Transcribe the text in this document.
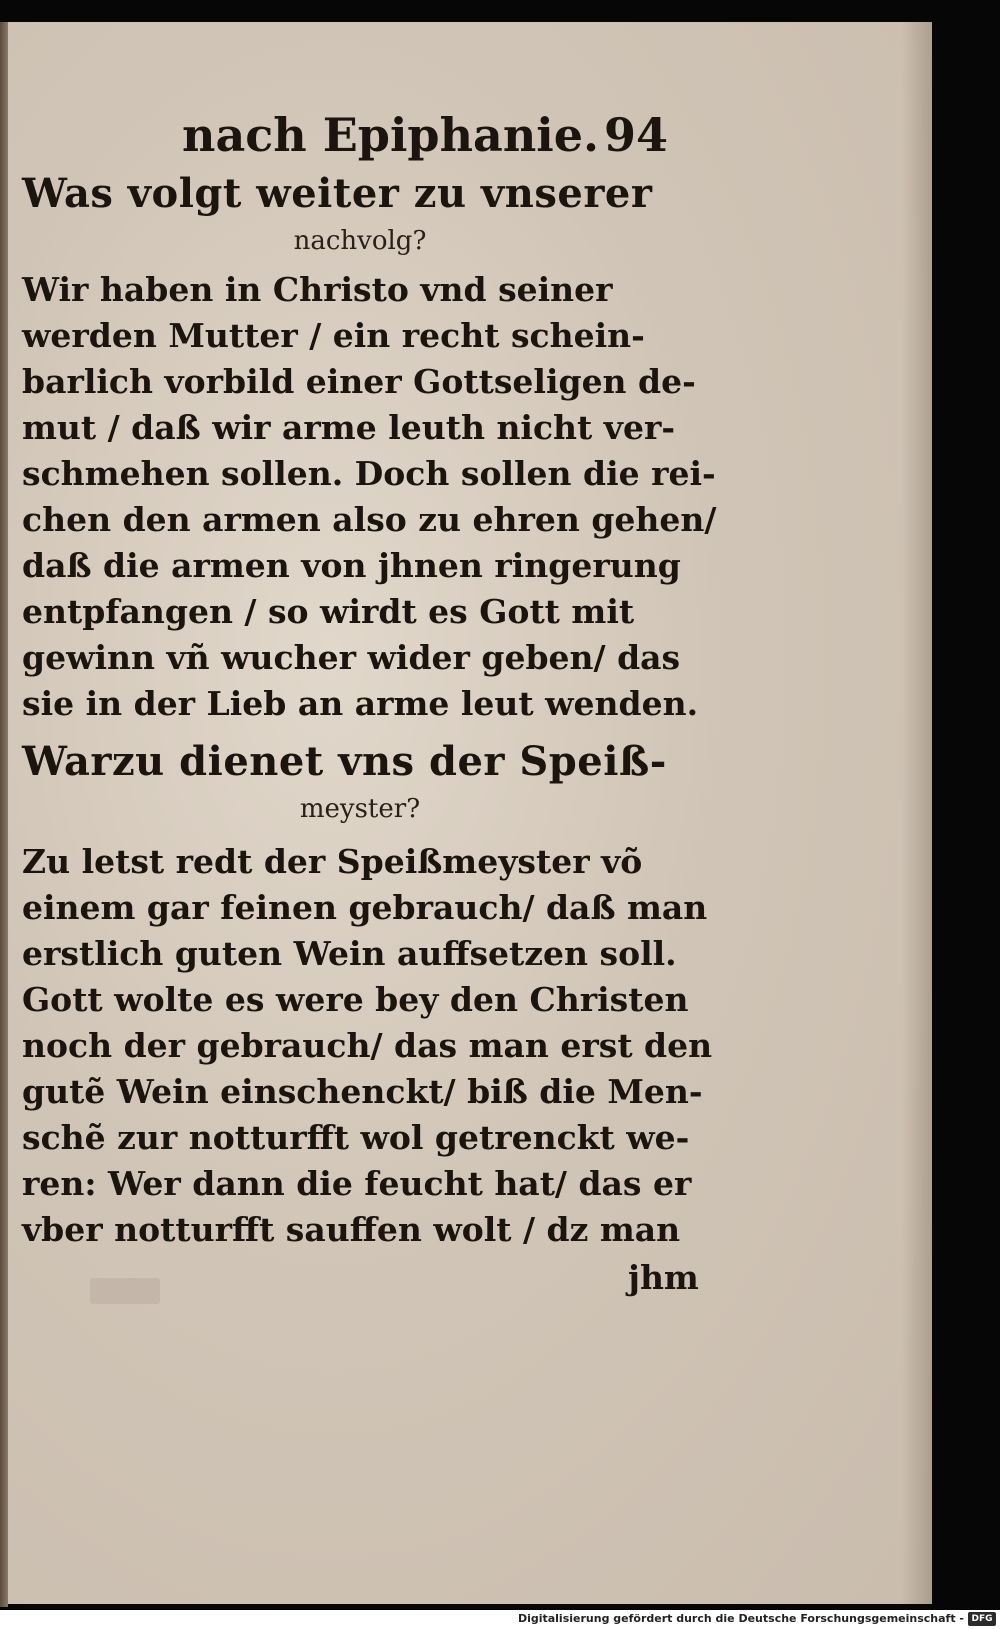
nach Epiphanie. 94
Was volgt weiter zu vnserer
nachvolg?
Wir haben in Christo vnd seiner
werden Mutter / ein recht schein-
barlich vorbild einer Gottseligen de-
mut / daß wir arme leuth nicht ver-
schmehen sollen. Doch sollen die rei-
chen den armen also zu ehren gehen/
daß die armen von jhnen ringerung
entpfangen / so wirdt es Gott mit
gewinn vñ wucher wider geben/ das
sie in der Lieb an arme leut wenden.
Warzu dienet vns der Speiß-
meyster?
Zu letst redt der Speißmeyster võ
einem gar feinen gebrauch/ daß man
erstlich guten Wein auffsetzen soll.
Gott wolte es were bey den Christen
noch der gebrauch/ das man erst den
gutẽ Wein einschenckt/ biß die Men-
schẽ zur notturfft wol getrenckt we-
ren: Wer dann die feucht hat/ das er
vber notturfft sauffen wolt / dz man
jhm
Digitalisierung gefördert durch die Deutsche Forschungsgemeinschaft - DFG
